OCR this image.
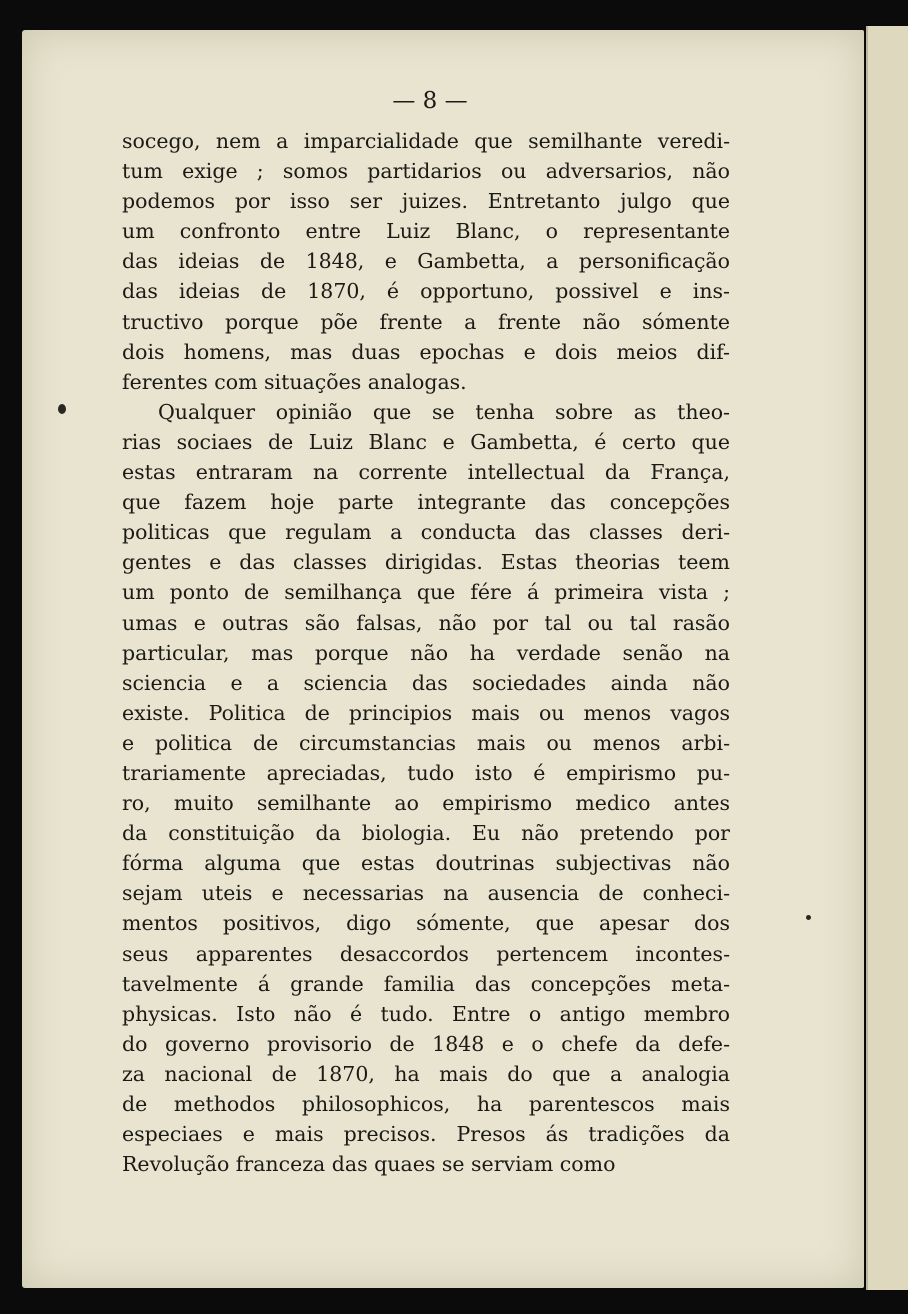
— 8 —
socego, nem a imparcialidade que semilhante veredi-
tum exige ; somos partidarios ou adversarios, não
podemos por isso ser juizes. Entretanto julgo que
um confronto entre Luiz Blanc, o representante
das ideias de 1848, e Gambetta, a personificação
das ideias de 1870, é opportuno, possivel e ins-
tructivo porque põe frente a frente não sómente
dois homens, mas duas epochas e dois meios dif-
ferentes com situações analogas.
Qualquer opinião que se tenha sobre as theo-
rias sociaes de Luiz Blanc e Gambetta, é certo que
estas entraram na corrente intellectual da França,
que fazem hoje parte integrante das concepções
politicas que regulam a conducta das classes deri-
gentes e das classes dirigidas. Estas theorias teem
um ponto de semilhança que fére á primeira vista ;
umas e outras são falsas, não por tal ou tal rasão
particular, mas porque não ha verdade senão na
sciencia e a sciencia das sociedades ainda não
existe. Politica de principios mais ou menos vagos
e politica de circumstancias mais ou menos arbi-
trariamente apreciadas, tudo isto é empirismo pu-
ro, muito semilhante ao empirismo medico antes
da constituição da biologia. Eu não pretendo por
fórma alguma que estas doutrinas subjectivas não
sejam uteis e necessarias na ausencia de conheci-
mentos positivos, digo sómente, que apesar dos
seus apparentes desaccordos pertencem incontes-
tavelmente á grande familia das concepções meta-
physicas. Isto não é tudo. Entre o antigo membro
do governo provisorio de 1848 e o chefe da defe-
za nacional de 1870, ha mais do que a analogia
de methodos philosophicos, ha parentescos mais
especiaes e mais precisos. Presos ás tradições da
Revolução franceza das quaes se serviam como
